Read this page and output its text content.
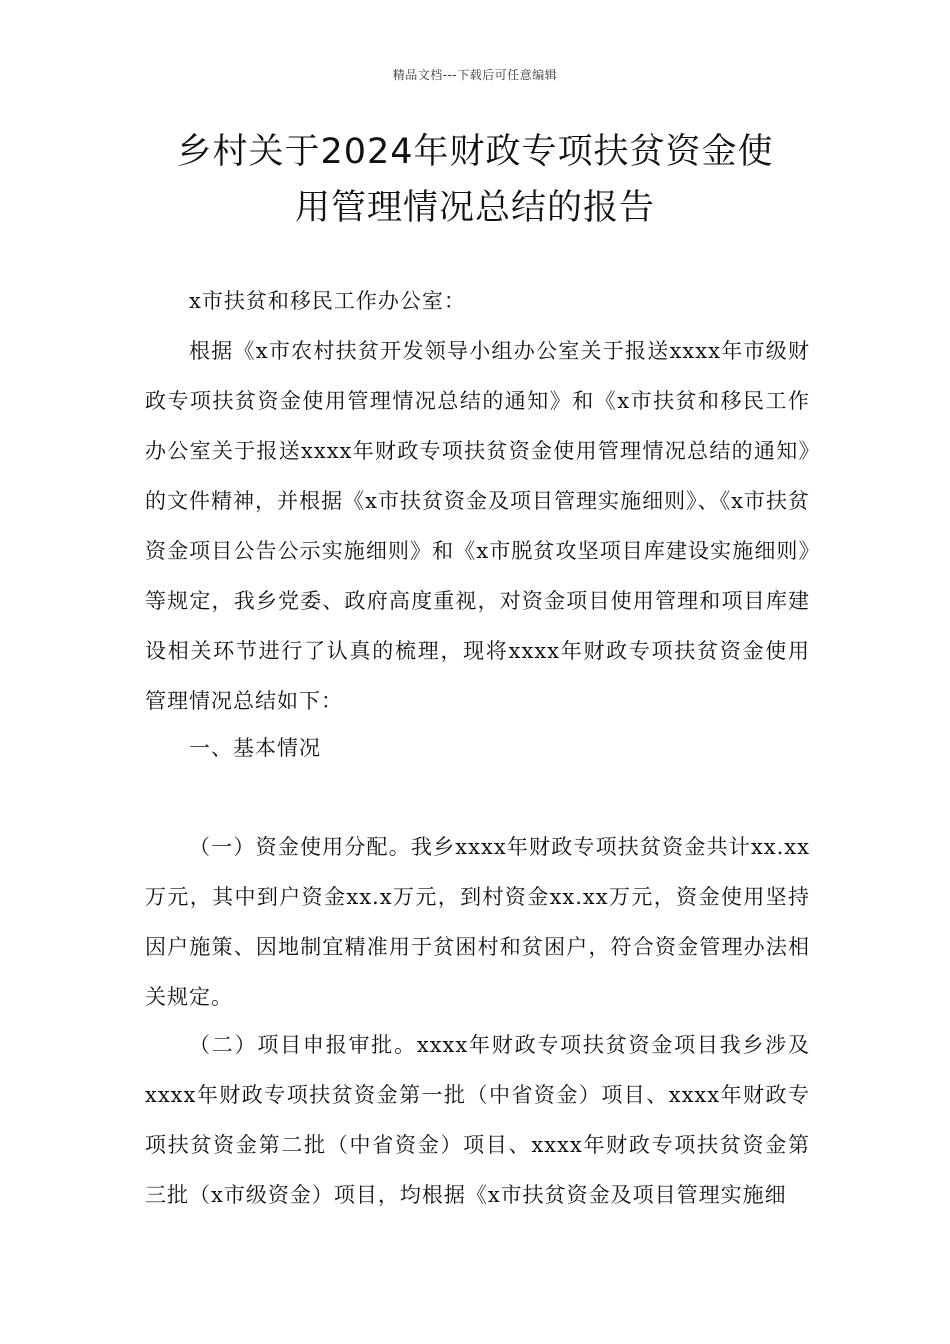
精品文档---下载后可任意编辑
乡村关于2024年财政专项扶贫资金使
用管理情况总结的报告
x市扶贫和移民工作办公室：
根据《x市农村扶贫开发领导小组办公室关于报送xxxx年市级财政专项扶贫资金使用管理情况总结的通知》和《x市扶贫和移民工作办公室关于报送xxxx年财政专项扶贫资金使用管理情况总结的通知》的文件精神，并根据《x市扶贫资金及项目管理实施细则》、《x市扶贫资金项目公告公示实施细则》和《x市脱贫攻坚项目库建设实施细则》等规定，我乡党委、政府高度重视，对资金项目使用管理和项目库建设相关环节进行了认真的梳理，现将xxxx年财政专项扶贫资金使用管理情况总结如下：
一、基本情况
（一）资金使用分配。我乡xxxx年财政专项扶贫资金共计xx.xx万元，其中到户资金xx.x万元，到村资金xx.xx万元，资金使用坚持因户施策、因地制宜精准用于贫困村和贫困户，符合资金管理办法相关规定。
（二）项目申报审批。xxxx年财政专项扶贫资金项目我乡涉及xxxx年财政专项扶贫资金第一批（中省资金）项目、xxxx年财政专项扶贫资金第二批（中省资金）项目、xxxx年财政专项扶贫资金第三批（x市级资金）项目，均根据《x市扶贫资金及项目管理实施细
